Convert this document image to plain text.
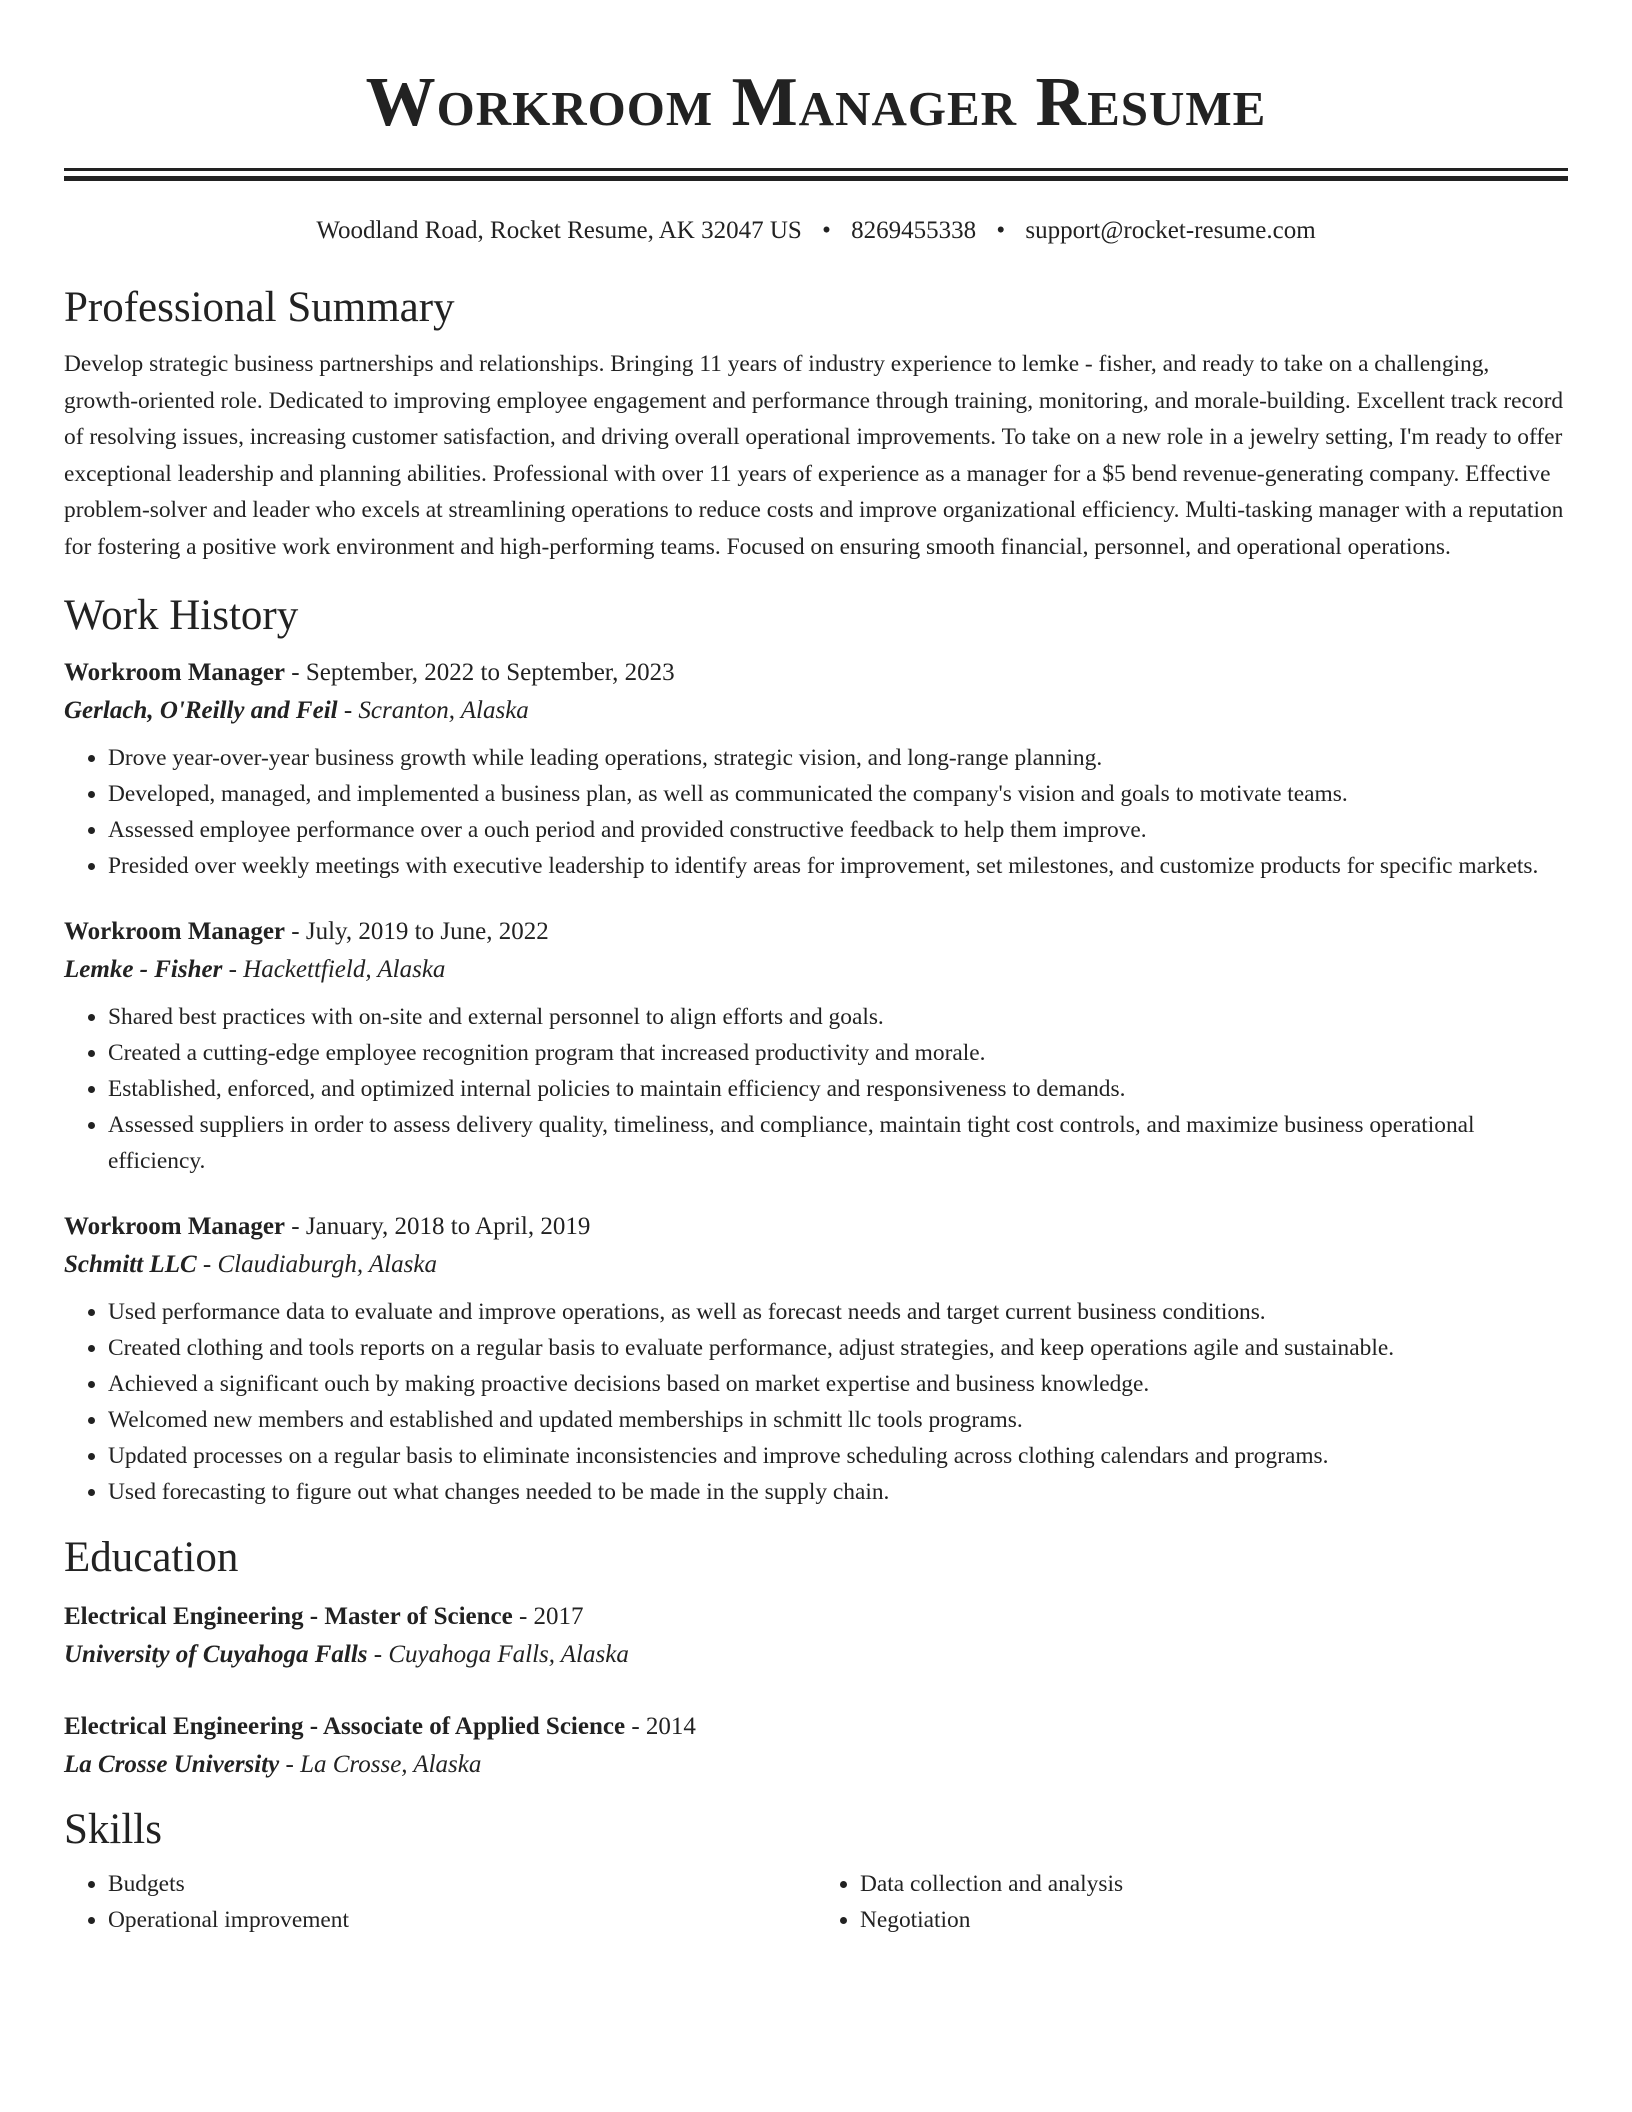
Workroom Manager Resume
Woodland Road, Rocket Resume, AK 32047 US • 8269455338 • support@rocket-resume.com
Professional Summary

Develop strategic business partnerships and relationships. Bringing 11 years of industry experience to lemke - fisher, and ready to take on a challenging, growth-oriented role. Dedicated to improving employee engagement and performance through training, monitoring, and morale-building. Excellent track record of resolving issues, increasing customer satisfaction, and driving overall operational improvements. To take on a new role in a jewelry setting, I'm ready to offer exceptional leadership and planning abilities. Professional with over 11 years of experience as a manager for a $5 bend revenue-generating company. Effective problem-solver and leader who excels at streamlining operations to reduce costs and improve organizational efficiency. Multi-tasking manager with a reputation for fostering a positive work environment and high-performing teams. Focused on ensuring smooth financial, personnel, and operational operations.

Work History
Workroom Manager - September, 2022 to September, 2023
Gerlach, O'Reilly and Feil - Scranton, Alaska
• Drove year-over-year business growth while leading operations, strategic vision, and long-range planning.
• Developed, managed, and implemented a business plan, as well as communicated the company's vision and goals to motivate teams.
• Assessed employee performance over a ouch period and provided constructive feedback to help them improve.
• Presided over weekly meetings with executive leadership to identify areas for improvement, set milestones, and customize products for specific markets.
Workroom Manager - July, 2019 to June, 2022
Lemke - Fisher - Hackettfield, Alaska
• Shared best practices with on-site and external personnel to align efforts and goals.
• Created a cutting-edge employee recognition program that increased productivity and morale.
• Established, enforced, and optimized internal policies to maintain efficiency and responsiveness to demands.
• Assessed suppliers in order to assess delivery quality, timeliness, and compliance, maintain tight cost controls, and maximize business operational efficiency.
Workroom Manager - January, 2018 to April, 2019
Schmitt LLC - Claudiaburgh, Alaska
• Used performance data to evaluate and improve operations, as well as forecast needs and target current business conditions.
• Created clothing and tools reports on a regular basis to evaluate performance, adjust strategies, and keep operations agile and sustainable.
• Achieved a significant ouch by making proactive decisions based on market expertise and business knowledge.
• Welcomed new members and established and updated memberships in schmitt llc tools programs.
• Updated processes on a regular basis to eliminate inconsistencies and improve scheduling across clothing calendars and programs.
• Used forecasting to figure out what changes needed to be made in the supply chain.
Education
Electrical Engineering - Master of Science - 2017
University of Cuyahoga Falls - Cuyahoga Falls, Alaska
Electrical Engineering - Associate of Applied Science - 2014
La Crosse University - La Crosse, Alaska
Skills
• Budgets
• Operational improvement
• Data collection and analysis
• Negotiation
